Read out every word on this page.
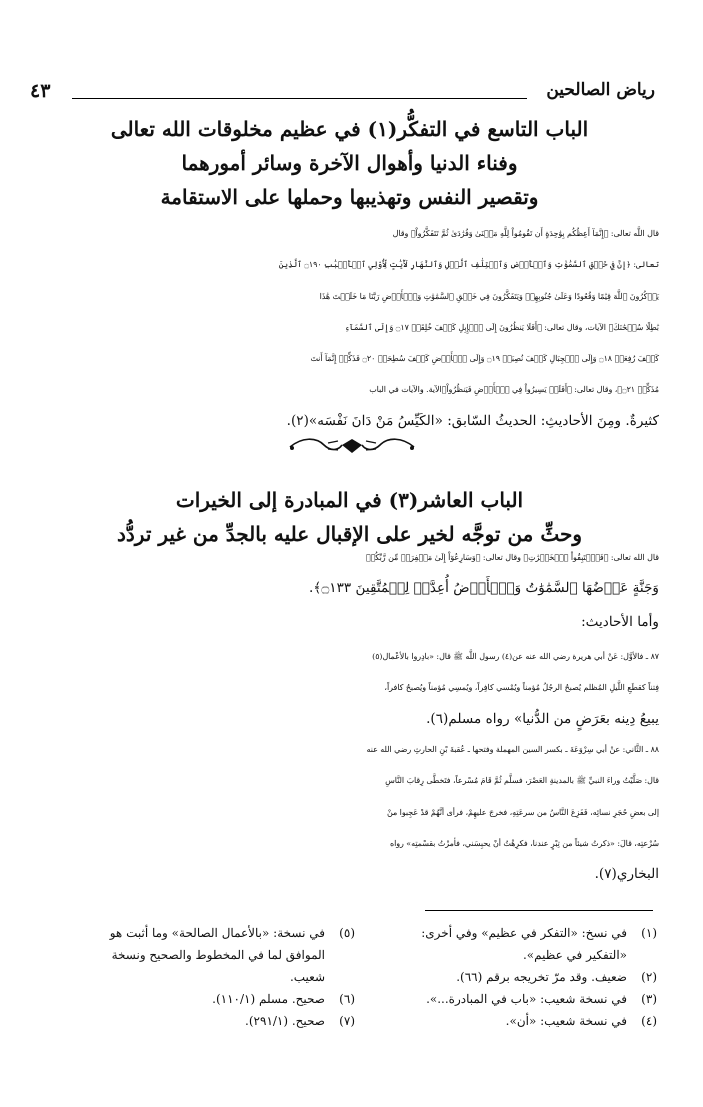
رياض الصالحين
٤٣
الباب التاسع في التفكُّر(١) في عظيم مخلوقات الله تعالى
وفناء الدنيا وأهوال الآخرة وسائر أمورهما
وتقصير النفس وتهذيبها وحملها على الاستقامة
قال اللَّه تعالى: ﴿إِنَّمَآ أَعِظُكُم بِوَٰحِدَةٍ أَن تَقُومُواْ لِلَّهِ مَثۡنَىٰ وَفُرَٰدَىٰ ثُمَّ تَتَفَكَّرُواْ﴾ وقال
تعالى: ﴿إِنَّ فِي خَلۡقِ ٱلسَّمَٰوَٰتِ وَٱلۡأَرۡضِ وَٱخۡتِلَٰفِ ٱلَّيۡلِ وَٱلنَّهَارِ لَأٓيَٰتٍ لِّأُوْلِي ٱلۡأَلۡبَٰبِ ۝١٩٠ ٱلَّذِينَ
يَذۡكُرُونَ ٱللَّهَ قِيَٰمًا وَقُعُودًا وَعَلَىٰ جُنُوبِهِمۡ وَيَتَفَكَّرُونَ فِي خَلۡقِ ٱلسَّمَٰوَٰتِ وَٱلۡأَرۡضِ رَبَّنَا مَا خَلَقۡتَ هَٰذَا
بَٰطِلًا سُبۡحَٰنَكَ﴾ الآيات، وقال تعالى: ﴿أَفَلَا يَنظُرُونَ إِلَى ٱلۡإِبِلِ كَيۡفَ خُلِقَتۡ ۝١٧ وَإِلَى ٱلسَّمَآءِ
كَيۡفَ رُفِعَتۡ ۝١٨ وَإِلَى ٱلۡجِبَالِ كَيۡفَ نُصِبَتۡ ۝١٩ وَإِلَى ٱلۡأَرۡضِ كَيۡفَ سُطِحَتۡ ۝٢٠ فَذَكِّرۡ إِنَّمَآ أَنتَ
مُذَكِّرٞ ۝٢١﴾، وقال تعالى: ﴿أَفَلَمۡ يَسِيرُواْ فِي ٱلۡأَرۡضِ فَيَنظُرُواْ﴾الآية. والآيات في الباب
كثيرةٌ. ومِنَ الأحاديثِ: الحديثُ السّابق: «الكَيِّسُ مَنْ دَانَ نَفْسَه»(٢).
الباب العاشر(٣) في المبادرة إلى الخيرات
وحثِّ من توجَّه لخير على الإقبال عليه بالجدِّ من غير تردُّد
قال الله تعالى: ﴿فَٱسۡتَبِقُواْ ٱلۡخَيۡرَٰتِ﴾ وقال تعالى: ﴿وَسَارِعُوٓاْ إِلَىٰ مَغۡفِرَةٖ مِّن رَّبِّكُمۡ
وَجَنَّةٍ عَرۡضُهَا ٱلسَّمَٰوَٰتُ وَٱلۡأَرۡضُ أُعِدَّتۡ لِلۡمُتَّقِينَ ۝١٣٣﴾.
وأما الأحاديث:
٨٧ ـ فالأوَّل: عَنْ أبي هريرة رضي الله عنه عن(٤) رسول اللَّه ﷺ قال: «بادِروا بالأعْمال(٥)
فِتناً كقطَعِ اللَّيلِ المُظلم يُصبحُ الرجُلُ مُؤمناً ويُمْسي كافِراً، ويُمسِي مُؤمناً ويُصبحُ كافراً،
يبيعُ دِينه بعَرَضٍ من الدُّنيا» رواه مسلم(٦).
٨٨ ـ الثَّاني: عنْ أبي سِرْوَعَةَ ـ بكسر السين المهملة وفتحها ـ عُقبةَ بْنِ الحارثِ رضي الله عنه
قال: صَلَّيْتُ وراءَ النبيِّ ﷺ بالمدينةِ العَصْرَ، فسلَّم ثُمَّ قَامَ مُسْرعاً، فتَخطَّى رِقابَ النَّاسِ
إلى بعضِ حُجَرِ نسائِه، فَفَزِعَ النَّاسُ من سرعَتِهِ، فخرجَ عليهِمْ، فرأى أنَّهُمْ قدْ عَجِبوا منْ
سُرْعتِه، قالَ: «ذكرتُ شيئاً من تِبْرٍ عندنا، فكرِهْتُ أنْ يحبِسَني، فأمرْتُ بقسْمتِه» رواه
البخاري(٧).
(١)
في نسخ: «التفكر في عظيم» وفي أخرى:
«التفكير في عظيم».
(٢)
ضعيف. وقد مرّ تخريجه برقم (٦٦).
(٣)
في نسخة شعيب: «باب في المبادرة...».
(٤)
في نسخة شعيب: «أن».
(٥)
في نسخة: «بالأعمال الصالحة» وما أثبت هو
الموافق لما في المخطوط والصحيح ونسخة
شعيب.
(٦)
صحيح. مسلم (١١٠/١).
(٧)
صحيح. (٢٩١/١).
